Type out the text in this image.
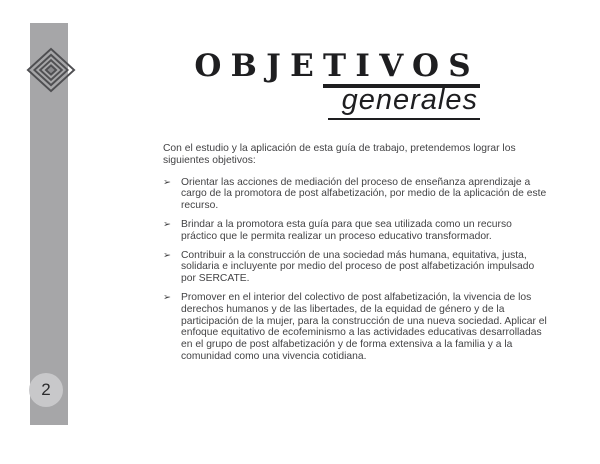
2
OBJETIVOS
generales

Con el estudio y la aplicación de esta guía de trabajo, pretendemos lograr los siguientes objetivos:

➢ Orientar las acciones de mediación del proceso de enseñanza aprendizaje a cargo de la promotora de post alfabetización, por medio de la aplicación de este recurso.
➢ Brindar a la promotora esta guía para que sea utilizada como un recurso práctico que le permita realizar un proceso educativo transformador.
➢ Contribuir a la construcción de una sociedad más humana, equitativa, justa, solidaria e incluyente por medio del proceso de post alfabetización impulsado por SERCATE.
➢ Promover en el interior del colectivo de post alfabetización, la vivencia de los derechos humanos y de las libertades, de la equidad de género y de la participación de la mujer, para la construcción de una nueva sociedad. Aplicar el enfoque equitativo de ecofeminismo a las actividades educativas desarrolladas en el grupo de post alfabetización y de forma extensiva a la familia y a la comunidad como una vivencia cotidiana.
